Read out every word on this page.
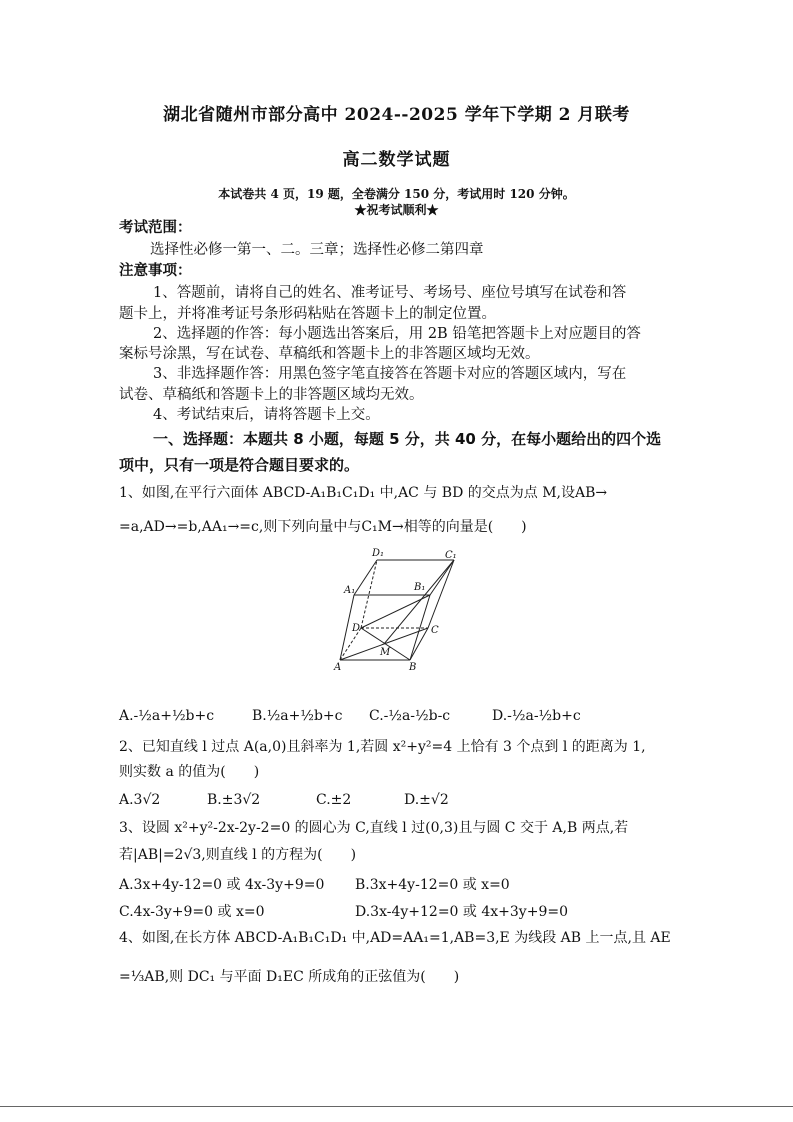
湖北省随州市部分高中 2024--2025 学年下学期 2 月联考
高二数学试题
本试卷共 4 页，19 题，全卷满分 150 分，考试用时 120 分钟。
★祝考试顺利★
考试范围：
选择性必修一第一、二。三章；选择性必修二第四章
注意事项：
1、答题前，请将自己的姓名、准考证号、考场号、座位号填写在试卷和答
题卡上，并将准考证号条形码粘贴在答题卡上的制定位置。
2、选择题的作答：每小题选出答案后，用 2B 铅笔把答题卡上对应题目的答
案标号涂黑，写在试卷、草稿纸和答题卡上的非答题区域均无效。
3、非选择题作答：用黑色签字笔直接答在答题卡对应的答题区域内，写在
试卷、草稿纸和答题卡上的非答题区域均无效。
4、考试结束后，请将答题卡上交。
一、选择题：本题共 8 小题，每题 5 分，共 40 分，在每小题给出的四个选
项中，只有一项是符合题目要求的。
1、如图,在平行六面体 ABCD-A₁B₁C₁D₁ 中,AC 与 BD 的交点为点 M,设AB→
=a,AD→=b,AA₁→=c,则下列向量中与C₁M→相等的向量是(　　)
D₁	C₁
A₁	B₁
D	C
M
A	B
A.-½a+½b+c	B.½a+½b+c C.-½a-½b-c	D.-½a-½b+c
2、已知直线 l 过点 A(a,0)且斜率为 1,若圆 x²+y²=4 上恰有 3 个点到 l 的距离为 1,
则实数 a 的值为(　　)
A.3√2	B.±3√2	C.±2	D.±√2
3、设圆 x²+y²-2x-2y-2=0 的圆心为 C,直线 l 过(0,3)且与圆 C 交于 A,B 两点,若
若|AB|=2√3,则直线 l 的方程为(　　)
A.3x+4y-12=0 或 4x-3y+9=0 B.3x+4y-12=0 或 x=0
C.4x-3y+9=0 或 x=0	D.3x-4y+12=0 或 4x+3y+9=0
4、如图,在长方体 ABCD-A₁B₁C₁D₁ 中,AD=AA₁=1,AB=3,E 为线段 AB 上一点,且 AE
=⅓AB,则 DC₁ 与平面 D₁EC 所成角的正弦值为(　　)
